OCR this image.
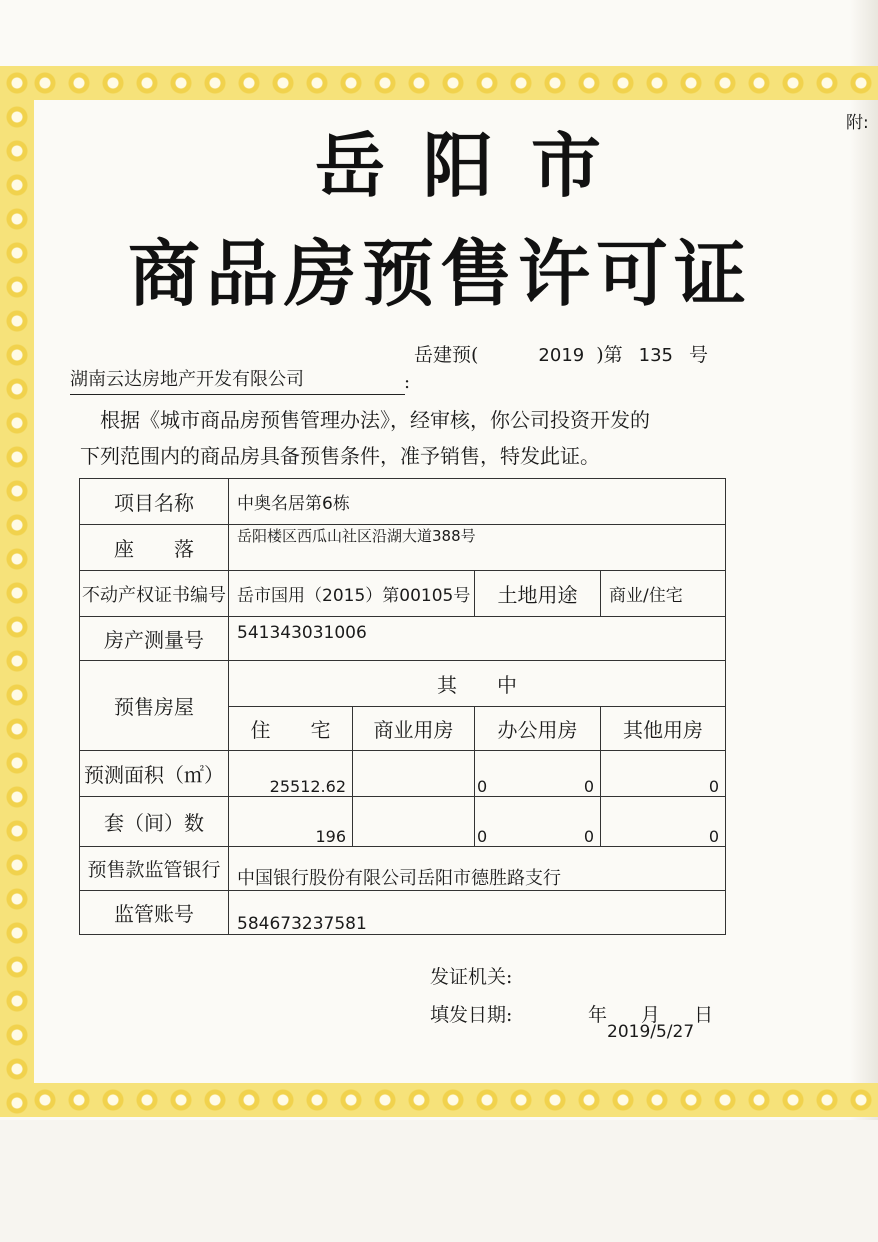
附:
岳阳市
商品房预售许可证
岳建预(	2019 )第 135 号
湖南云达房地产开发有限公司	:
根据《城市商品房预售管理办法》，经审核，你公司投资开发的
下列范围内的商品房具备预售条件，准予销售，特发此证。
项目名称	中奥名居第6栋			
座　　落	岳阳楼区西瓜山社区沿湖大道388号			
不动产权证书编号	岳市国用（2015）第00105号		土地用途	商业/住宅
房产测量号	541343031006			
预售房屋	其　　中			
	住　　宅	商业用房	办公用房	其他用房
预测面积（㎡）	25512.62		0 0	0
套（间）数	196		0 0	0
预售款监管银行	中国银行股份有限公司岳阳市德胜路支行			
监管账号	584673237581			
发证机关:
填发日期:	年 月 日
2019/5/27
